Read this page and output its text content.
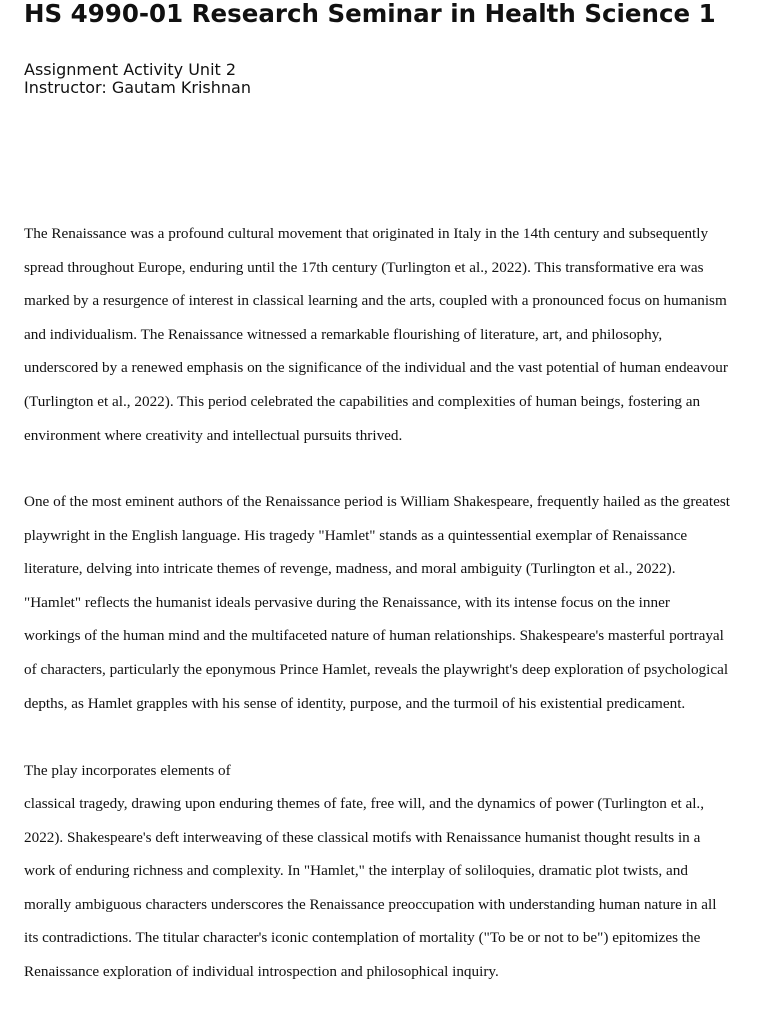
HS 4990-01 Research Seminar in Health Science 1
Assignment Activity Unit 2
Instructor: Gautam Krishnan
The Renaissance was a profound cultural movement that originated in Italy in the 14th century and subsequently
spread throughout Europe, enduring until the 17th century (Turlington et al., 2022). This transformative era was
marked by a resurgence of interest in classical learning and the arts, coupled with a pronounced focus on humanism
and individualism. The Renaissance witnessed a remarkable flourishing of literature, art, and philosophy,
underscored by a renewed emphasis on the significance of the individual and the vast potential of human endeavour
(Turlington et al., 2022). This period celebrated the capabilities and complexities of human beings, fostering an
environment where creativity and intellectual pursuits thrived.
One of the most eminent authors of the Renaissance period is William Shakespeare, frequently hailed as the greatest
playwright in the English language. His tragedy "Hamlet" stands as a quintessential exemplar of Renaissance
literature, delving into intricate themes of revenge, madness, and moral ambiguity (Turlington et al., 2022).
"Hamlet" reflects the humanist ideals pervasive during the Renaissance, with its intense focus on the inner
workings of the human mind and the multifaceted nature of human relationships. Shakespeare's masterful portrayal
of characters, particularly the eponymous Prince Hamlet, reveals the playwright's deep exploration of psychological
depths, as Hamlet grapples with his sense of identity, purpose, and the turmoil of his existential predicament.
The play incorporates elements of
classical tragedy, drawing upon enduring themes of fate, free will, and the dynamics of power (Turlington et al.,
2022). Shakespeare's deft interweaving of these classical motifs with Renaissance humanist thought results in a
work of enduring richness and complexity. In "Hamlet," the interplay of soliloquies, dramatic plot twists, and
morally ambiguous characters underscores the Renaissance preoccupation with understanding human nature in all
its contradictions. The titular character's iconic contemplation of mortality ("To be or not to be") epitomizes the
Renaissance exploration of individual introspection and philosophical inquiry.
